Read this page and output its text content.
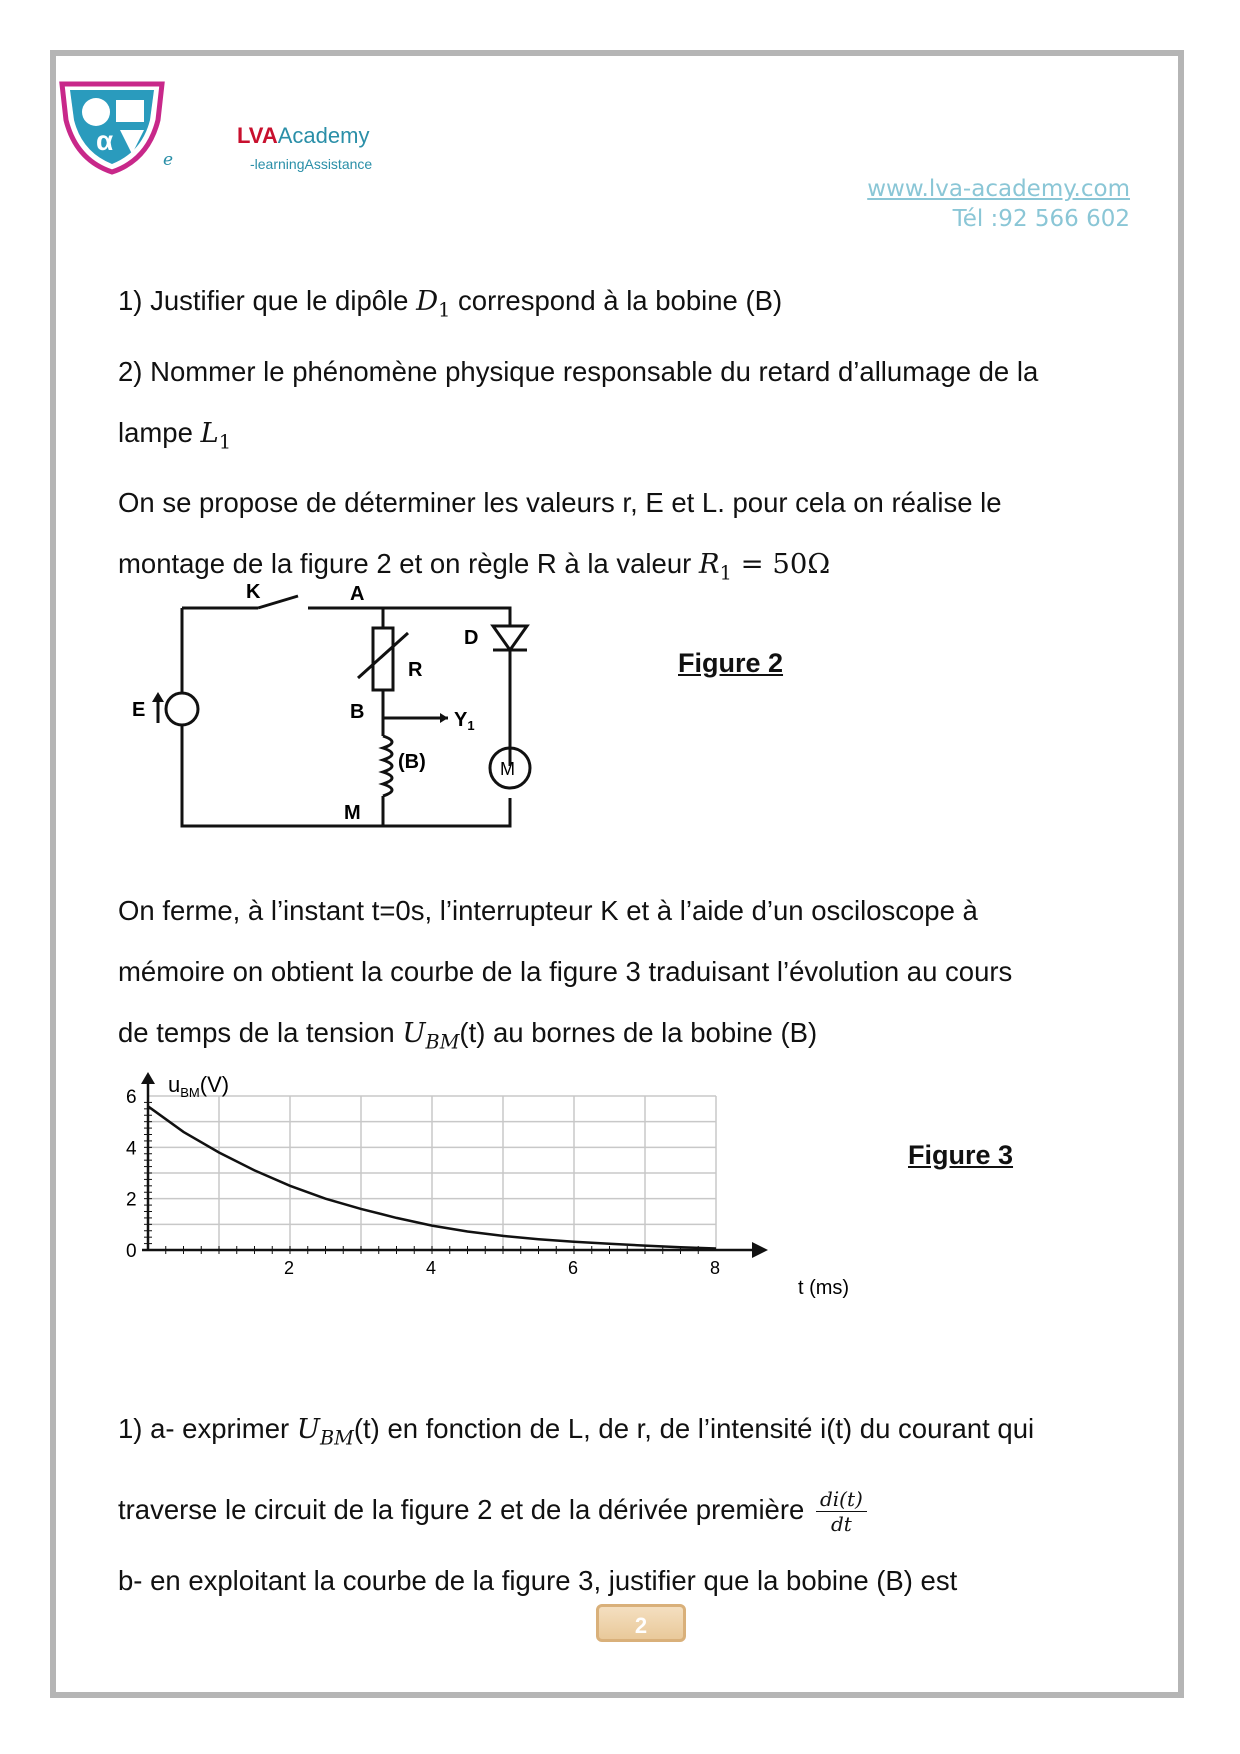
α
e
LVAAcademy
-learningAssistance
www.lva-academy.com
Tél :92 566 602

1) Justifier que le dipôle $D_1$ correspond à la bobine (B)

2) Nommer le phénomène physique responsable du retard d’allumage de la

lampe $L_1$

On se propose de déterminer les valeurs r, E et L. pour cela on réalise le

montage de la figure 2 et on règle R à la valeur $R_1 = 50\Omega$

K	A
R
D
E	B	$Y_1$
(B)
M
M
Figure 2

On ferme, à l’instant t=0s, l’interrupteur K et à l’aide d’un osciloscope à

mémoire on obtient la courbe de la figure 3 traduisant l’évolution au cours

de temps de la tension $U_{BM}(t)$ au bornes de la bobine (B)

2	4	6	8
0
2
4
6
$u_{BM}(V)$
t (ms)
Figure 3

1) a- exprimer $U_{BM}(t)$ en fonction de L, de r, de l’intensité i(t) du courant qui

traverse le circuit de la figure 2 et de la dérivée première $\frac{di(t)}{dt}$

b- en exploitant la courbe de la figure 3, justifier que la bobine (B) est

2
